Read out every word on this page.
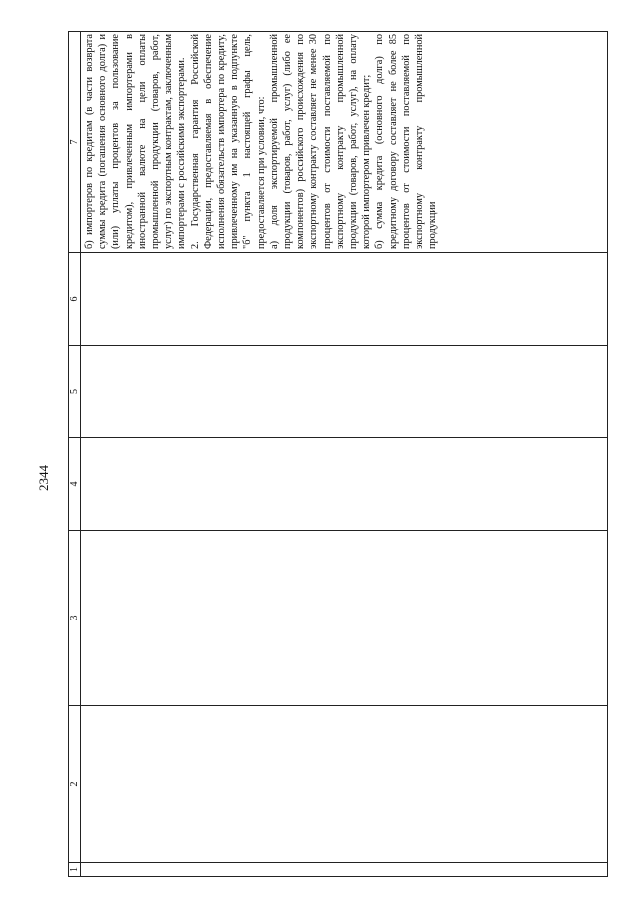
2344
1	2	3	4	5	6	7

						б) импортеров по кредитам (в части возврата суммы кредита (погашения основного долга) и (или) уплаты процентов за пользование кредитом), привлеченным импортерами в иностранной валюте на цели оплаты промышленной продукции (товаров, работ, услуг) по экспортным контрактам, заключенным импортерами с российскими экспортерами. 2. Государственная гарантия Российской Федерации, предоставляемая в обеспечение исполнения обязательств импортера по кредиту, привлеченному им на указанную в подпункте "б" пункта 1 настоящей графы цель, предоставляется при условии, что: а) доля экспортируемой промышленной продукции (товаров, работ, услуг) (либо ее компонентов) российского происхождения по экспортному контракту составляет не менее 30 процентов от стоимости поставляемой по экспортному контракту промышленной продукции (товаров, работ, услуг), на оплату которой импортером привлечен кредит; б) сумма кредита (основного долга) по кредитному договору составляет не более 85 процентов от стоимости поставляемой по экспортному контракту промышленной продукции
